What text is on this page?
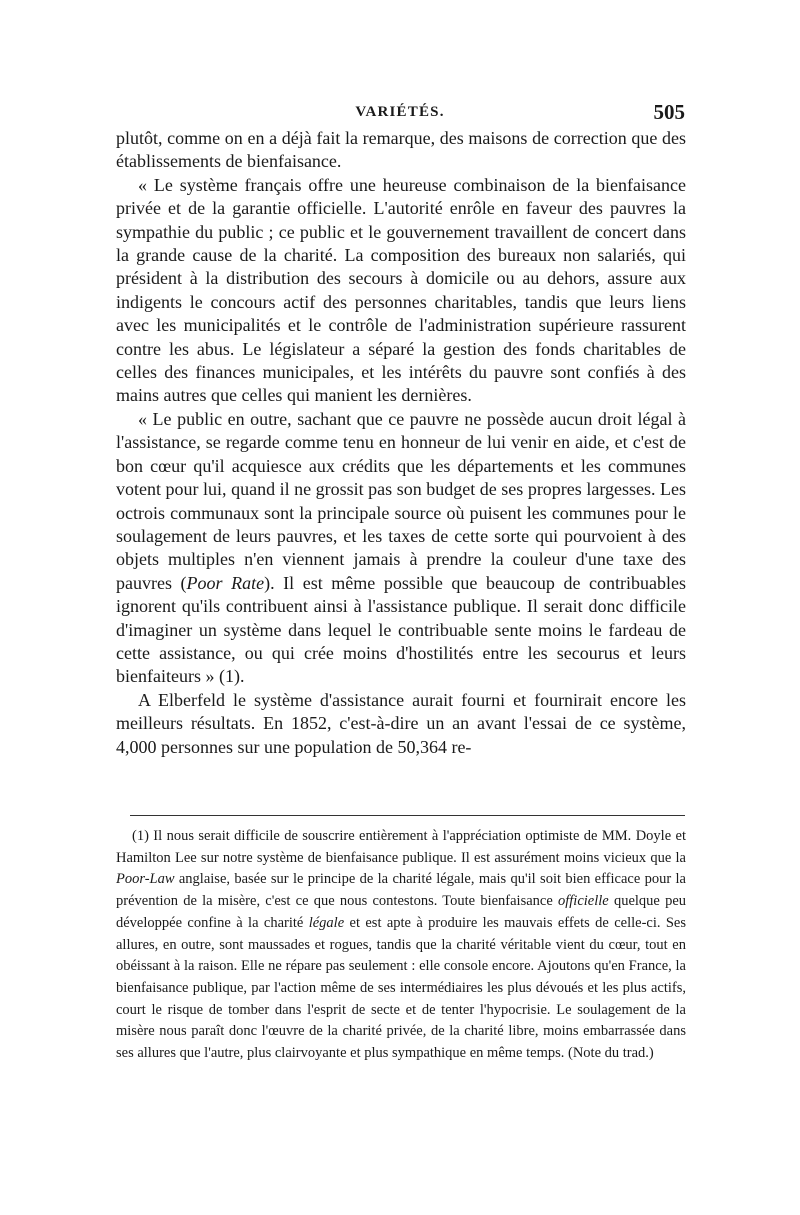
VARIÉTÉS.	505

plutôt, comme on en a déjà fait la remarque, des maisons de correction que des établissements de bienfaisance.

« Le système français offre une heureuse combinaison de la bienfaisance privée et de la garantie officielle. L'autorité enrôle en faveur des pauvres la sympathie du public ; ce public et le gouvernement travaillent de concert dans la grande cause de la charité. La composition des bureaux non salariés, qui président à la distribution des secours à domicile ou au dehors, assure aux indigents le concours actif des personnes charitables, tandis que leurs liens avec les municipalités et le contrôle de l'administration supérieure rassurent contre les abus. Le législateur a séparé la gestion des fonds charitables de celles des finances municipales, et les intérêts du pauvre sont confiés à des mains autres que celles qui manient les dernières.

« Le public en outre, sachant que ce pauvre ne possède aucun droit légal à l'assistance, se regarde comme tenu en honneur de lui venir en aide, et c'est de bon cœur qu'il acquiesce aux crédits que les départements et les communes votent pour lui, quand il ne grossit pas son budget de ses propres largesses. Les octrois communaux sont la principale source où puisent les communes pour le soulagement de leurs pauvres, et les taxes de cette sorte qui pourvoient à des objets multiples n'en viennent jamais à prendre la couleur d'une taxe des pauvres (Poor Rate). Il est même possible que beaucoup de contribuables ignorent qu'ils contribuent ainsi à l'assistance publique. Il serait donc difficile d'imaginer un système dans lequel le contribuable sente moins le fardeau de cette assistance, ou qui crée moins d'hostilités entre les secourus et leurs bienfaiteurs » (1).

A Elberfeld le système d'assistance aurait fourni et fournirait encore les meilleurs résultats. En 1852, c'est-à-dire un an avant l'essai de ce système, 4,000 personnes sur une population de 50,364 re-

(1) Il nous serait difficile de souscrire entièrement à l'appréciation optimiste de MM. Doyle et Hamilton Lee sur notre système de bienfaisance publique. Il est assurément moins vicieux que la Poor-Law anglaise, basée sur le principe de la charité légale, mais qu'il soit bien efficace pour la prévention de la misère, c'est ce que nous contestons. Toute bienfaisance officielle quelque peu développée confine à la charité légale et est apte à produire les mauvais effets de celle-ci. Ses allures, en outre, sont maussades et rogues, tandis que la charité véritable vient du cœur, tout en obéissant à la raison. Elle ne répare pas seulement : elle console encore. Ajoutons qu'en France, la bienfaisance publique, par l'action même de ses intermédiaires les plus dévoués et les plus actifs, court le risque de tomber dans l'esprit de secte et de tenter l'hypocrisie. Le soulagement de la misère nous paraît donc l'œuvre de la charité privée, de la charité libre, moins embarrassée dans ses allures que l'autre, plus clairvoyante et plus sympathique en même temps. (Note du trad.)
